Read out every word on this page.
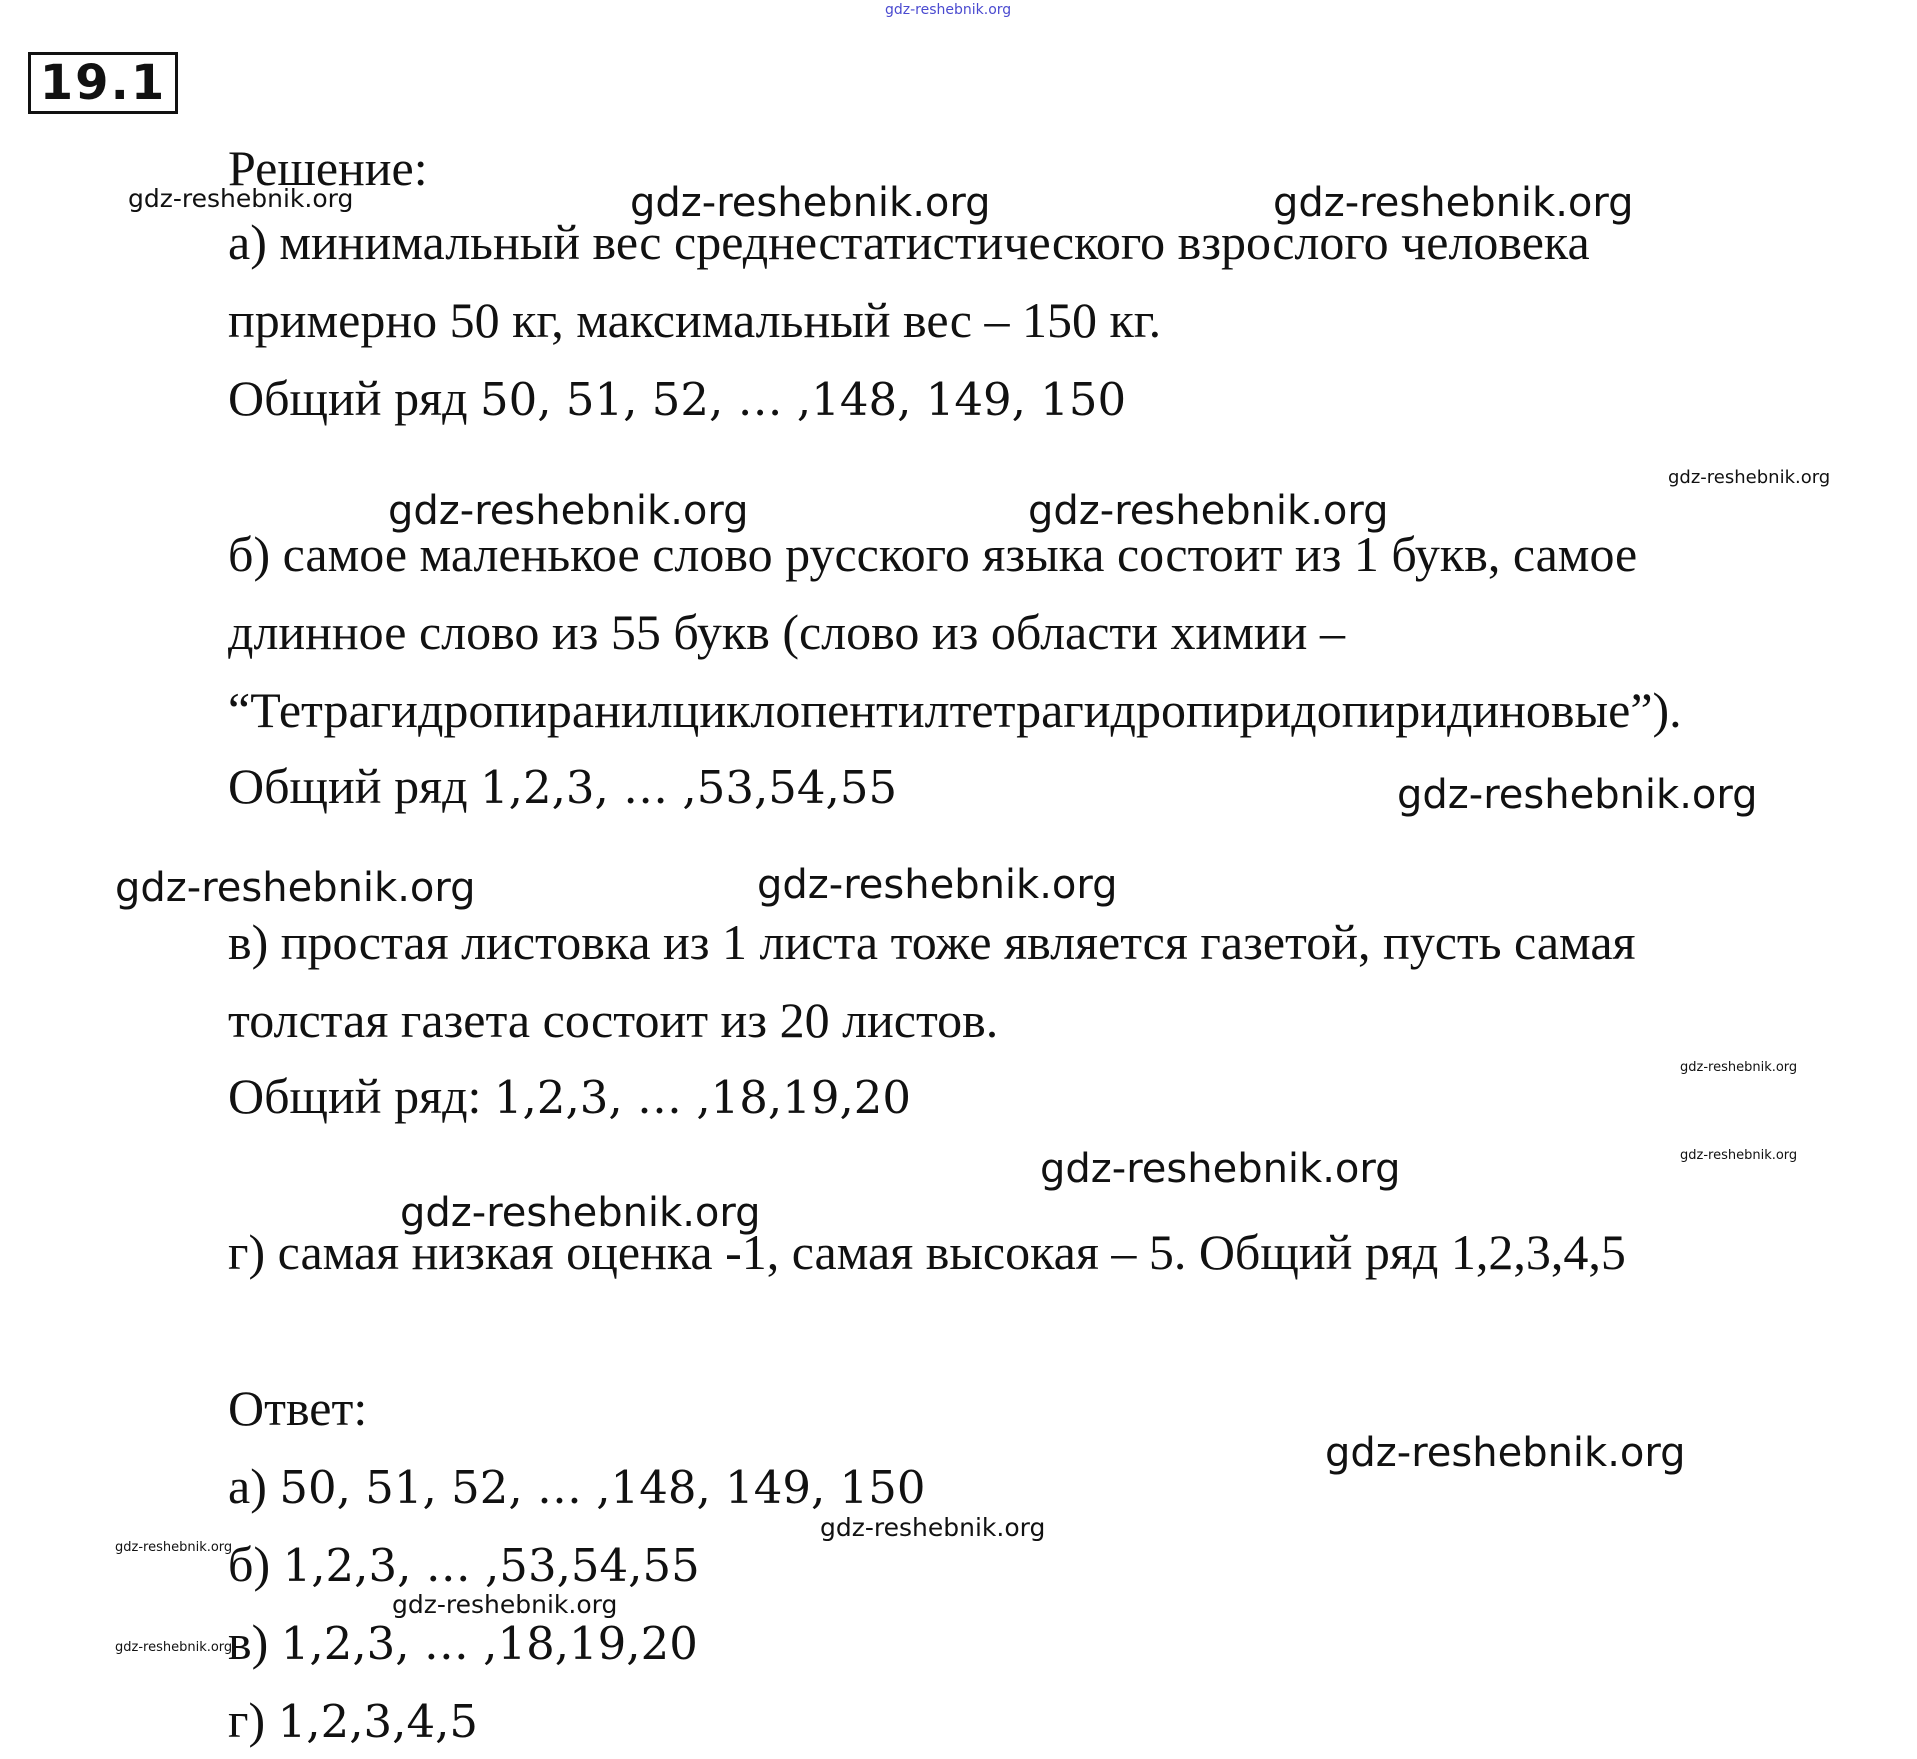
19.1
Решение:
а) минимальный вес среднестатистического взрослого человека
примерно 50 кг, максимальный вес – 150 кг.
Общий ряд 50, 51, 52, … ,148, 149, 150
б) самое маленькое слово русского языка состоит из 1 букв, самое
длинное слово из 55 букв (слово из области химии –
“Тетрагидропиранилциклопентилтетрагидропиридопиридиновые”).
Общий ряд 1,2,3, … ,53,54,55
в) простая листовка из 1 листа тоже является газетой, пусть самая
толстая газета состоит из 20 листов.
Общий ряд: 1,2,3, … ,18,19,20
г) самая низкая оценка -1, самая высокая – 5. Общий ряд 1,2,3,4,5
Ответ:
а) 50, 51, 52, … ,148, 149, 150
б) 1,2,3, … ,53,54,55
в) 1,2,3, … ,18,19,20
г) 1,2,3,4,5
gdz-reshebnik.org
gdz-reshebnik.org	gdz-reshebnik.org	gdz-reshebnik.org
gdz-reshebnik.org
gdz-reshebnik.org	gdz-reshebnik.org
gdz-reshebnik.org
gdz-reshebnik.org	gdz-reshebnik.org
gdz-reshebnik.org
gdz-reshebnik.org
gdz-reshebnik.org
gdz-reshebnik.org
gdz-reshebnik.org
gdz-reshebnik.org
gdz-reshebnik.org
gdz-reshebnik.org
gdz-reshebnik.org
